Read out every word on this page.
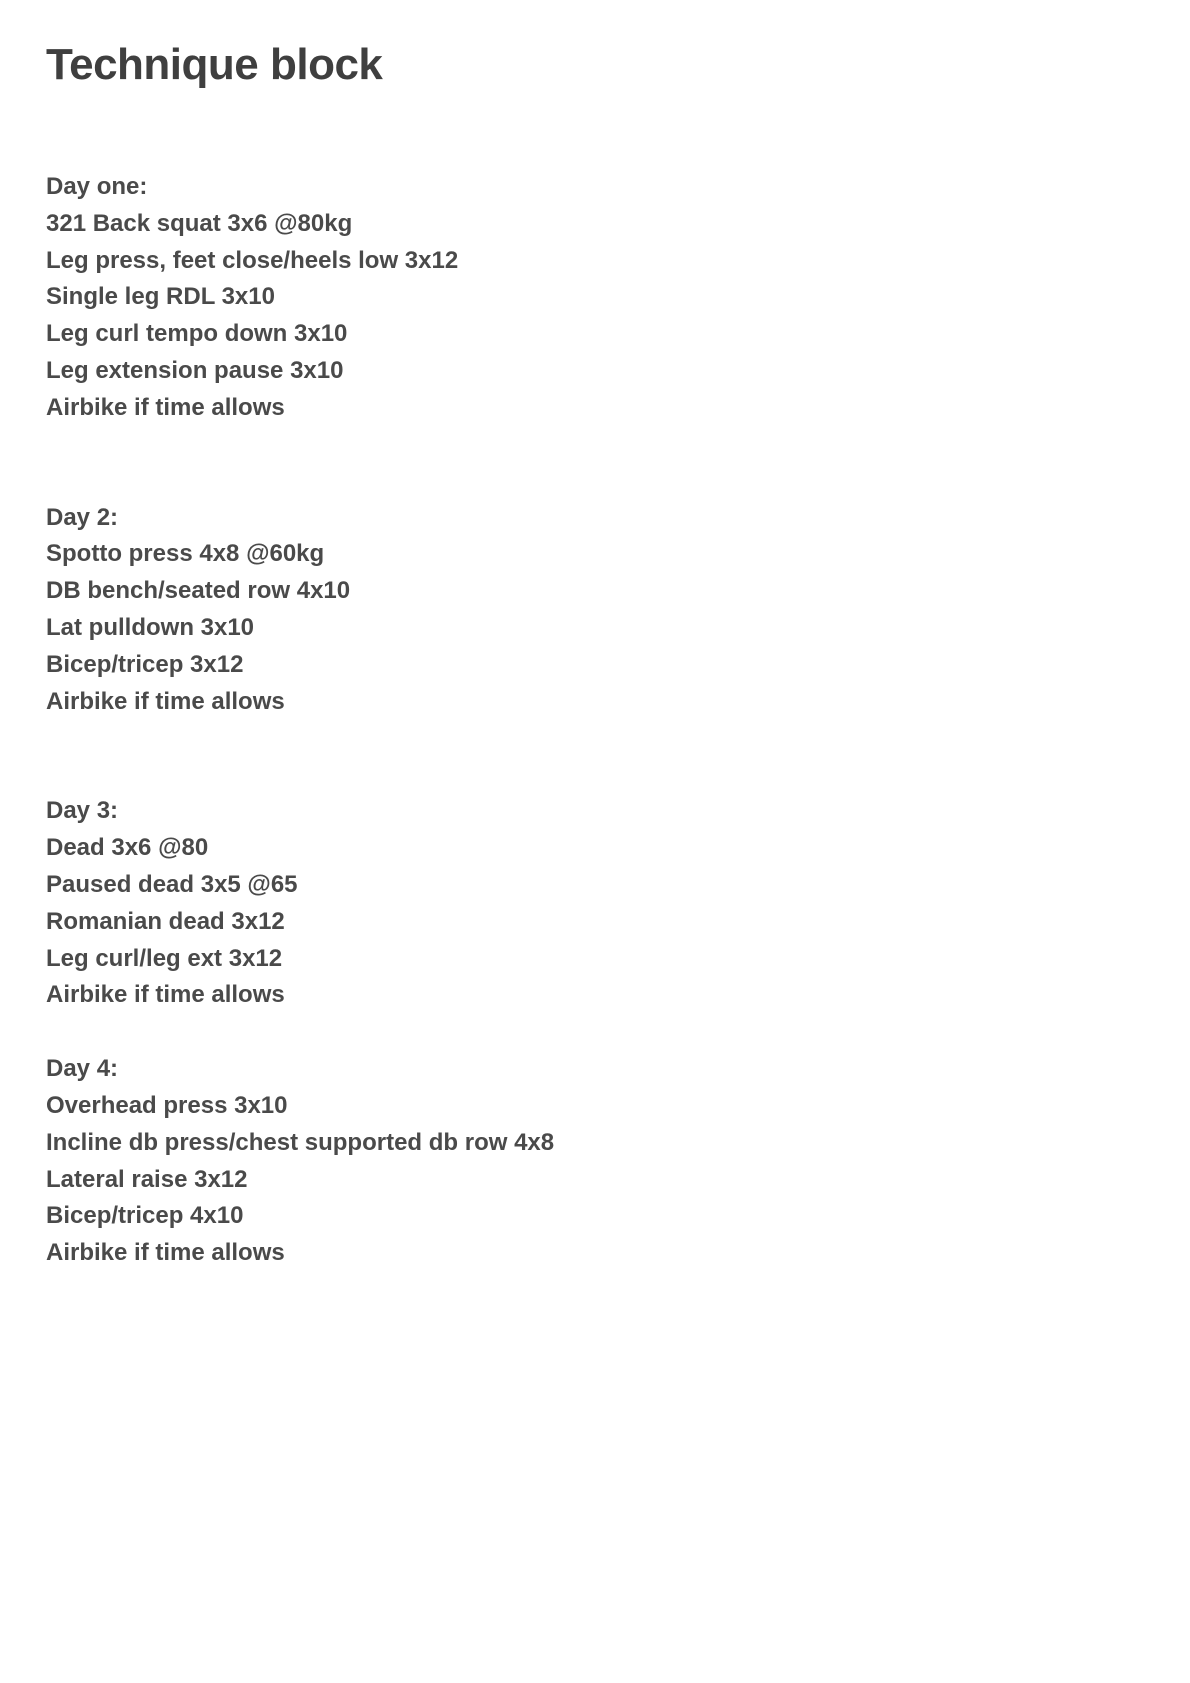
Technique block
Day one:
321 Back squat 3x6 @80kg
Leg press, feet close/heels low 3x12
Single leg RDL 3x10
Leg curl tempo down 3x10
Leg extension pause 3x10
Airbike if time allows
Day 2:
Spotto press 4x8 @60kg
DB bench/seated row 4x10
Lat pulldown 3x10
Bicep/tricep 3x12
Airbike if time allows
Day 3:
Dead 3x6 @80
Paused dead 3x5 @65
Romanian dead 3x12
Leg curl/leg ext 3x12
Airbike if time allows
Day 4:
Overhead press 3x10
Incline db press/chest supported db row 4x8
Lateral raise 3x12
Bicep/tricep 4x10
Airbike if time allows
